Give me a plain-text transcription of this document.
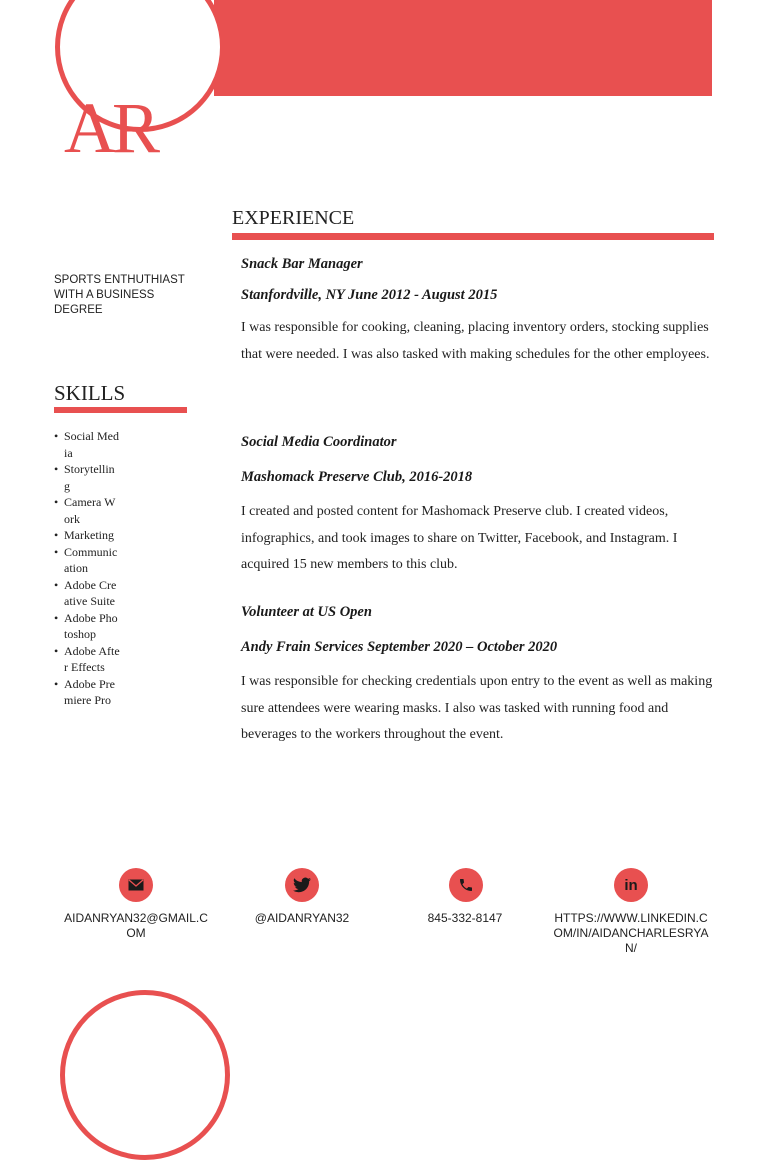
AR
SPORTS ENTHUTHIAST WITH A BUSINESS DEGREE
SKILLS
• Social Media
• Storytelling
• Camera Work
• Marketing
• Communication
• Adobe Creative Suite
• Adobe Photoshop
• Adobe After Effects
• Adobe Premiere Pro
EXPERIENCE

Snack Bar Manager

Stanfordville, NY June 2012 - August 2015

I was responsible for cooking, cleaning, placing inventory orders, stocking supplies that were needed. I was also tasked with making schedules for the other employees.

Social Media Coordinator

Mashomack Preserve Club, 2016-2018

I created and posted content for Mashomack Preserve club. I created videos, infographics, and took images to share on Twitter, Facebook, and Instagram. I acquired 15 new members to this club.

Volunteer at US Open

Andy Frain Services September 2020 – October 2020

I was responsible for checking credentials upon entry to the event as well as making sure attendees were wearing masks. I also was tasked with running food and beverages to the workers throughout the event.

AIDANRYAN32@GMAIL.COM
@AIDANRYAN32	845-332-8147
in
HTTPS://WWW.LINKEDIN.COM/IN/AIDANCHARLESRYAN/
